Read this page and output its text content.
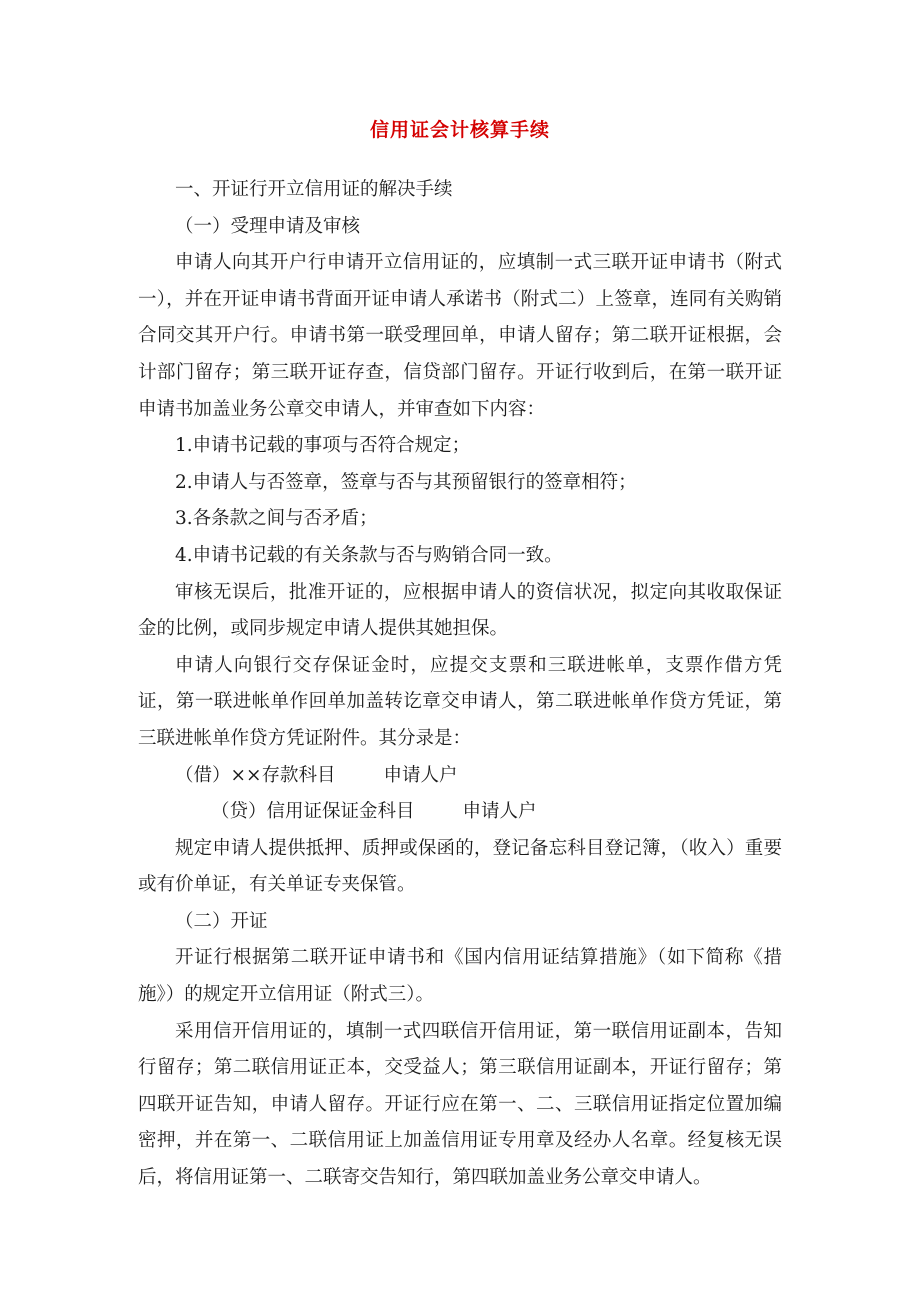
信用证会计核算手续

一、开证行开立信用证的解决手续

（一）受理申请及审核

申请人向其开户行申请开立信用证的，应填制一式三联开证申请书（附式一），并在开证申请书背面开证申请人承诺书（附式二）上签章，连同有关购销合同交其开户行。申请书第一联受理回单，申请人留存；第二联开证根据，会计部门留存；第三联开证存查，信贷部门留存。开证行收到后，在第一联开证申请书加盖业务公章交申请人，并审查如下内容：

1.申请书记载的事项与否符合规定；

2.申请人与否签章，签章与否与其预留银行的签章相符；

3.各条款之间与否矛盾；

4.申请书记载的有关条款与否与购销合同一致。

审核无误后，批准开证的，应根据申请人的资信状况，拟定向其收取保证金的比例，或同步规定申请人提供其她担保。

申请人向银行交存保证金时，应提交支票和三联进帐单，支票作借方凭证，第一联进帐单作回单加盖转讫章交申请人，第二联进帐单作贷方凭证，第三联进帐单作贷方凭证附件。其分录是：

（借）××存款科目	申请人户

（贷）信用证保证金科目	申请人户

规定申请人提供抵押、质押或保函的，登记备忘科目登记簿，（收入）重要或有价单证，有关单证专夹保管。

（二）开证

开证行根据第二联开证申请书和《国内信用证结算措施》（如下简称《措施》）的规定开立信用证（附式三）。

采用信开信用证的，填制一式四联信开信用证，第一联信用证副本，告知行留存；第二联信用证正本，交受益人；第三联信用证副本，开证行留存；第四联开证告知，申请人留存。开证行应在第一、二、三联信用证指定位置加编密押，并在第一、二联信用证上加盖信用证专用章及经办人名章。经复核无误后，将信用证第一、二联寄交告知行，第四联加盖业务公章交申请人。
